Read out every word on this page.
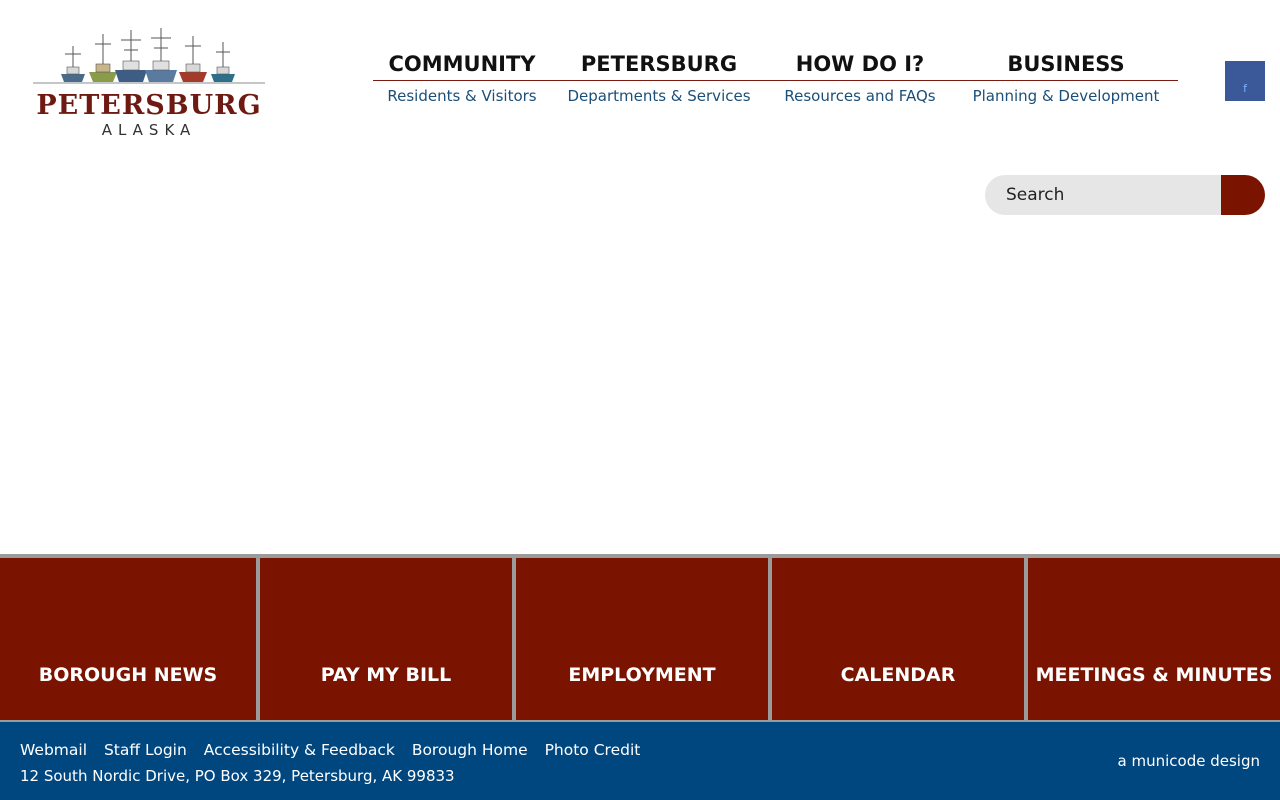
PETERSBURG
ALASKA
COMMUNITY
Residents & Visitors
PETERSBURG
Departments & Services
HOW DO I?
Resources and FAQs
BUSINESS
Planning & Development	f
Search
BOROUGH NEWS	PAY MY BILL	EMPLOYMENT	CALENDAR	MEETINGS & MINUTES
Webmail Staff Login Accessibility & Feedback Borough Home Photo Credit
12 South Nordic Drive, PO Box 329, Petersburg, AK 99833
a municode design
